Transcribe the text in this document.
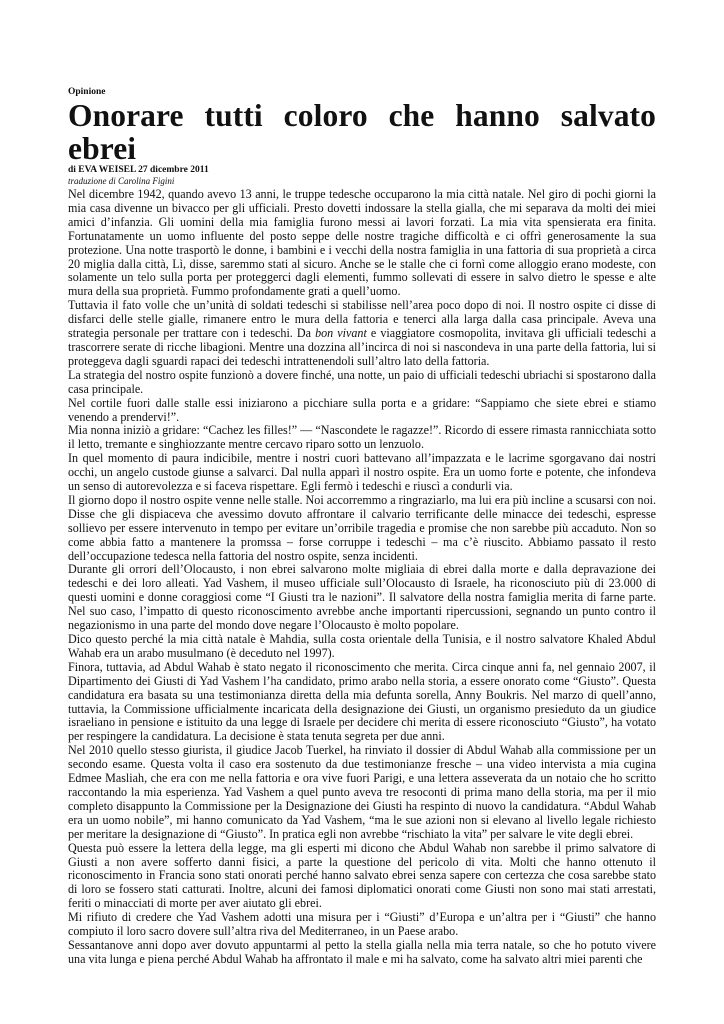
Opinione
Onorare tutti coloro che hanno salvato ebrei
di EVA WEISEL 27 dicembre 2011
traduzione di Carolina Figini

Nel dicembre 1942, quando avevo 13 anni, le truppe tedesche occuparono la mia città natale. Nel giro di pochi giorni la mia casa divenne un bivacco per gli ufficiali. Presto dovetti indossare la stella gialla, che mi separava da molti dei miei amici d’infanzia. Gli uomini della mia famiglia furono messi ai lavori forzati. La mia vita spensierata era finita. Fortunatamente un uomo influente del posto seppe delle nostre tragiche difficoltà e ci offrì generosamente la sua protezione. Una notte trasportò le donne, i bambini e i vecchi della nostra famiglia in una fattoria di sua proprietà a circa 20 miglia dalla città, Lì, disse, saremmo stati al sicuro. Anche se le stalle che ci fornì come alloggio erano modeste, con solamente un telo sulla porta per proteggerci dagli elementi, fummo sollevati di essere in salvo dietro le spesse e alte mura della sua proprietà. Fummo profondamente grati a quell’uomo.

Tuttavia il fato volle che un’unità di soldati tedeschi si stabilisse nell’area poco dopo di noi. Il nostro ospite ci disse di disfarci delle stelle gialle, rimanere entro le mura della fattoria e tenerci alla larga dalla casa principale. Aveva una strategia personale per trattare con i tedeschi. Da bon vivant e viaggiatore cosmopolita, invitava gli ufficiali tedeschi a trascorrere serate di ricche libagioni. Mentre una dozzina all’incirca di noi si nascondeva in una parte della fattoria, lui si proteggeva dagli sguardi rapaci dei tedeschi intrattenendoli sull’altro lato della fattoria.

La strategia del nostro ospite funzionò a dovere finché, una notte, un paio di ufficiali tedeschi ubriachi si spostarono dalla casa principale.

Nel cortile fuori dalle stalle essi iniziarono a picchiare sulla porta e a gridare: “Sappiamo che siete ebrei e stiamo venendo a prendervi!”.

Mia nonna iniziò a gridare: “Cachez les filles!” — “Nascondete le ragazze!”. Ricordo di essere rimasta rannicchiata sotto il letto, tremante e singhiozzante mentre cercavo riparo sotto un lenzuolo.

In quel momento di paura indicibile, mentre i nostri cuori battevano all’impazzata e le lacrime sgorgavano dai nostri occhi, un angelo custode giunse a salvarci. Dal nulla apparì il nostro ospite. Era un uomo forte e potente, che infondeva un senso di autorevolezza e si faceva rispettare. Egli fermò i tedeschi e riuscì a condurli via.

Il giorno dopo il nostro ospite venne nelle stalle. Noi accorremmo a ringraziarlo, ma lui era più incline a scusarsi con noi. Disse che gli dispiaceva che avessimo dovuto affrontare il calvario terrificante delle minacce dei tedeschi, espresse sollievo per essere intervenuto in tempo per evitare un’orribile tragedia e promise che non sarebbe più accaduto. Non so come abbia fatto a mantenere la promssa – forse corruppe i tedeschi – ma c’è riuscito. Abbiamo passato il resto dell’occupazione tedesca nella fattoria del nostro ospite, senza incidenti.

Durante gli orrori dell’Olocausto, i non ebrei salvarono molte migliaia di ebrei dalla morte e dalla depravazione dei tedeschi e dei loro alleati. Yad Vashem, il museo ufficiale sull’Olocausto di Israele, ha riconosciuto più di 23.000 di questi uomini e donne coraggiosi come “I Giusti tra le nazioni”. Il salvatore della nostra famiglia merita di farne parte. Nel suo caso, l’impatto di questo riconoscimento avrebbe anche importanti ripercussioni, segnando un punto contro il negazionismo in una parte del mondo dove negare l’Olocausto è molto popolare.

Dico questo perché la mia città natale è Mahdia, sulla costa orientale della Tunisia, e il nostro salvatore Khaled Abdul Wahab era un arabo musulmano (è deceduto nel 1997).

Finora, tuttavia, ad Abdul Wahab è stato negato il riconoscimento che merita. Circa cinque anni fa, nel gennaio 2007, il Dipartimento dei Giusti di Yad Vashem l’ha candidato, primo arabo nella storia, a essere onorato come “Giusto”. Questa candidatura era basata su una testimonianza diretta della mia defunta sorella, Anny Boukris. Nel marzo di quell’anno, tuttavia, la Commissione ufficialmente incaricata della designazione dei Giusti, un organismo presieduto da un giudice israeliano in pensione e istituito da una legge di Israele per decidere chi merita di essere riconosciuto “Giusto”, ha votato per respingere la candidatura. La decisione è stata tenuta segreta per due anni.

Nel 2010 quello stesso giurista, il giudice Jacob Tuerkel, ha rinviato il dossier di Abdul Wahab alla commissione per un secondo esame. Questa volta il caso era sostenuto da due testimonianze fresche – una video intervista a mia cugina Edmee Masliah, che era con me nella fattoria e ora vive fuori Parigi, e una lettera asseverata da un notaio che ho scritto raccontando la mia esperienza. Yad Vashem a quel punto aveva tre resoconti di prima mano della storia, ma per il mio completo disappunto la Commissione per la Designazione dei Giusti ha respinto di nuovo la candidatura. “Abdul Wahab era un uomo nobile”, mi hanno comunicato da Yad Vashem, “ma le sue azioni non si elevano al livello legale richiesto per meritare la designazione di “Giusto”. In pratica egli non avrebbe “rischiato la vita” per salvare le vite degli ebrei.

Questa può essere la lettera della legge, ma gli esperti mi dicono che Abdul Wahab non sarebbe il primo salvatore di Giusti a non avere sofferto danni fisici, a parte la questione del pericolo di vita. Molti che hanno ottenuto il riconoscimento in Francia sono stati onorati perché hanno salvato ebrei senza sapere con certezza che cosa sarebbe stato di loro se fossero stati catturati. Inoltre, alcuni dei famosi diplomatici onorati come Giusti non sono mai stati arrestati, feriti o minacciati di morte per aver aiutato gli ebrei.

Mi rifiuto di credere che Yad Vashem adotti una misura per i “Giusti” d’Europa e un’altra per i “Giusti” che hanno compiuto il loro sacro dovere sull’altra riva del Mediterraneo, in un Paese arabo.

Sessantanove anni dopo aver dovuto appuntarmi al petto la stella gialla nella mia terra natale, so che ho potuto vivere una vita lunga e piena perché Abdul Wahab ha affrontato il male e mi ha salvato, come ha salvato altri miei parenti che
